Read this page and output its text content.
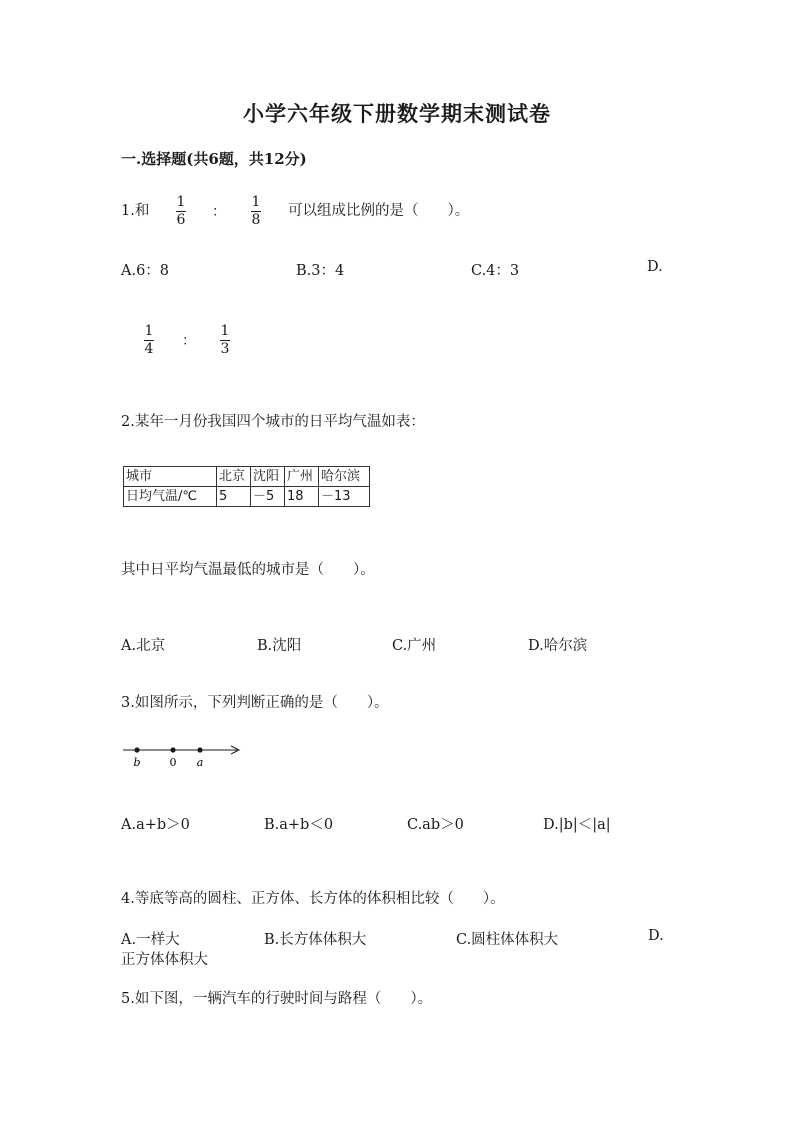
小学六年级下册数学期末测试卷
一.选择题(共6题，共12分)
1.和
1
6 ：
1
8
可以组成比例的是（　　）。
A.6：8	B.3：4	C.4：3	D.
1
4 ：
1
3
2.某年一月份我国四个城市的日平均气温如表：
城市	北京	沈阳	广州	哈尔滨
日均气温/℃	5	－5	18	－13
其中日平均气温最低的城市是（　　）。
A.北京	B.沈阳	C.广州	D.哈尔滨
3.如图所示，下列判断正确的是（　　）。
b	0 a
A.a+b＞0	B.a+b＜0	C.ab＞0	D.|b|＜|a|
4.等底等高的圆柱、正方体、长方体的体积相比较（　　）。
A.一样大	B.长方体体积大	C.圆柱体体积大	D.
正方体体积大
5.如下图，一辆汽车的行驶时间与路程（　　）。
